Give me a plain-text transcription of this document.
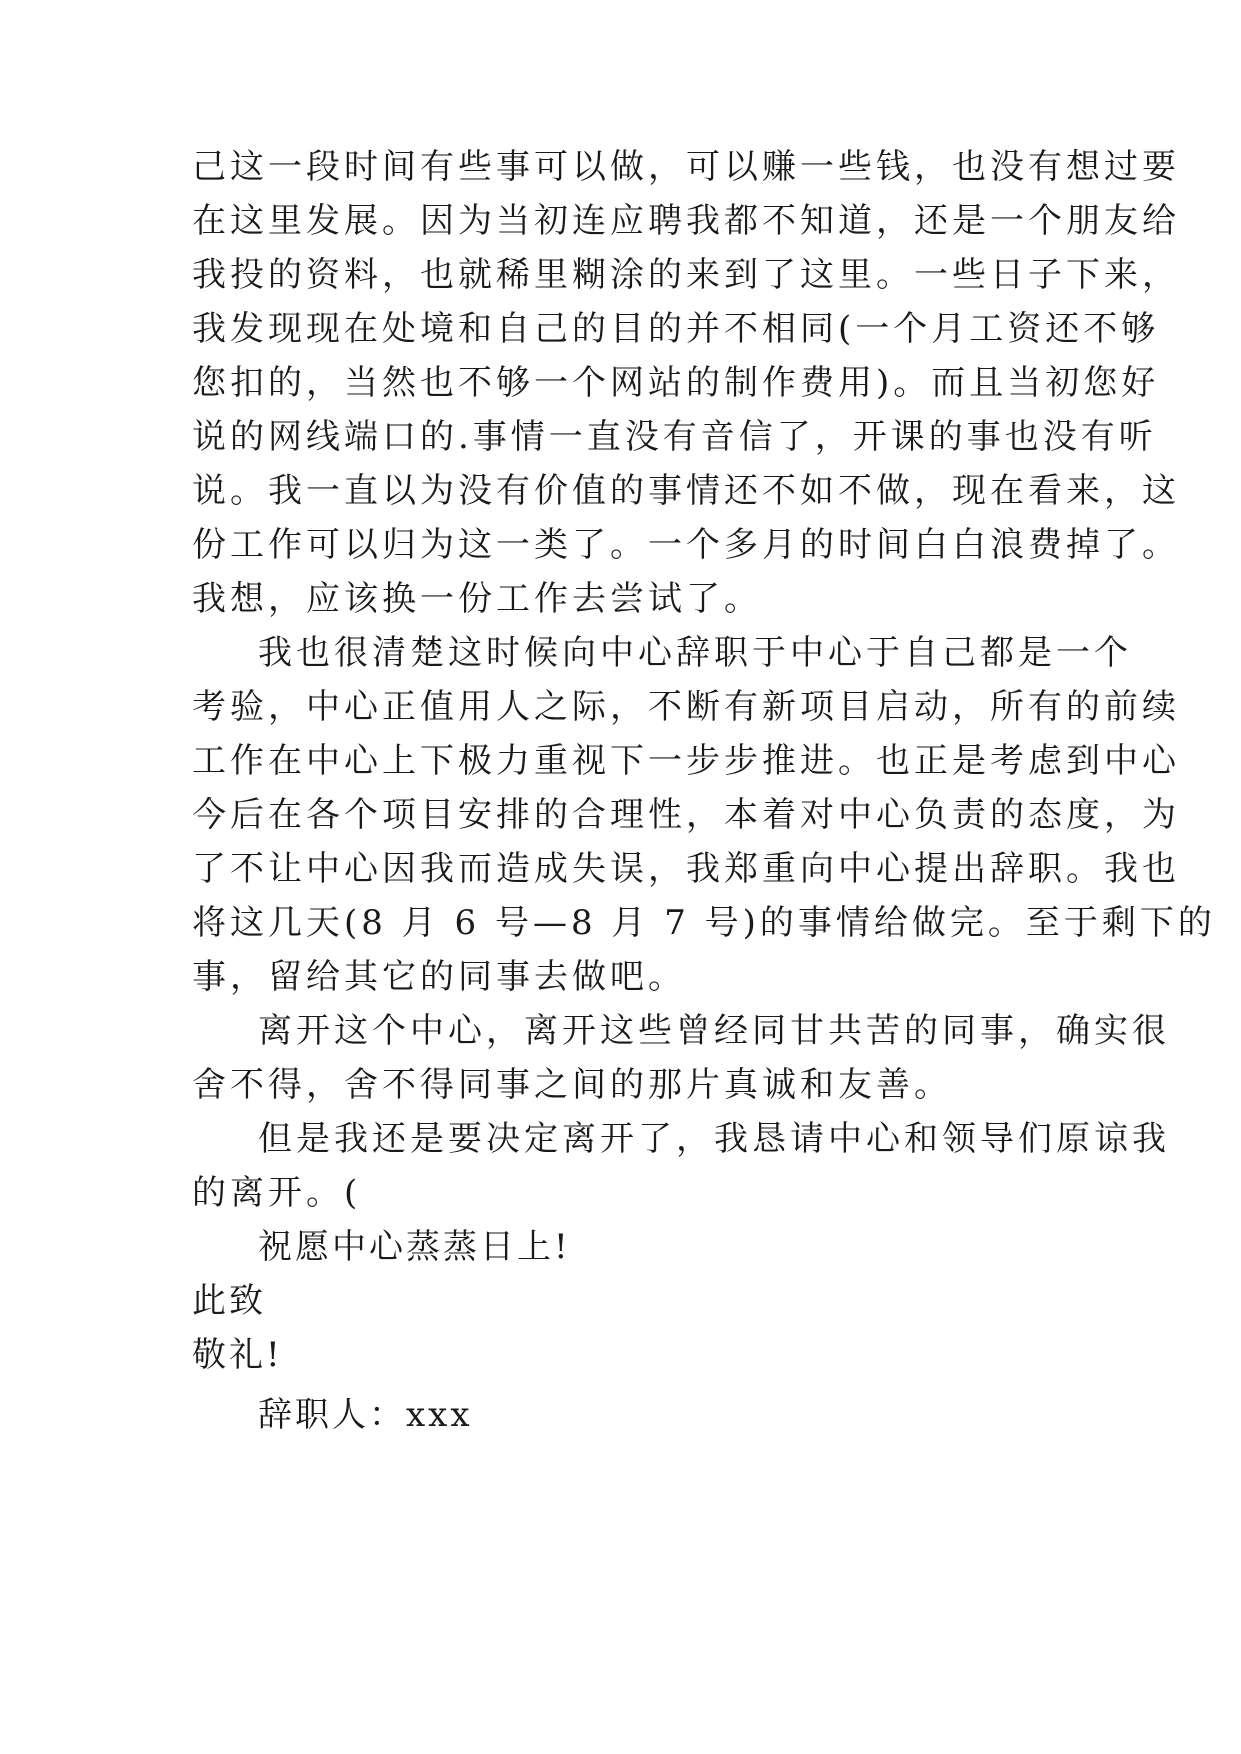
己这一段时间有些事可以做，可以赚一些钱，也没有想过要
在这里发展。因为当初连应聘我都不知道，还是一个朋友给
我投的资料，也就稀里糊涂的来到了这里。一些日子下来，
我发现现在处境和自己的目的并不相同(一个月工资还不够
您扣的，当然也不够一个网站的制作费用)。而且当初您好
说的网线端口的.事情一直没有音信了，开课的事也没有听
说。我一直以为没有价值的事情还不如不做，现在看来，这
份工作可以归为这一类了。一个多月的时间白白浪费掉了。
我想，应该换一份工作去尝试了。
我也很清楚这时候向中心辞职于中心于自己都是一个
考验，中心正值用人之际，不断有新项目启动，所有的前续
工作在中心上下极力重视下一步步推进。也正是考虑到中心
今后在各个项目安排的合理性，本着对中心负责的态度，为
了不让中心因我而造成失误，我郑重向中心提出辞职。我也
将这几天(8 月 6 号—8 月 7 号)的事情给做完。至于剩下的
事，留给其它的同事去做吧。
离开这个中心，离开这些曾经同甘共苦的同事，确实很
舍不得，舍不得同事之间的那片真诚和友善。
但是我还是要决定离开了，我恳请中心和领导们原谅我
的离开。(
祝愿中心蒸蒸日上!
此致
敬礼!
辞职人：xxx
